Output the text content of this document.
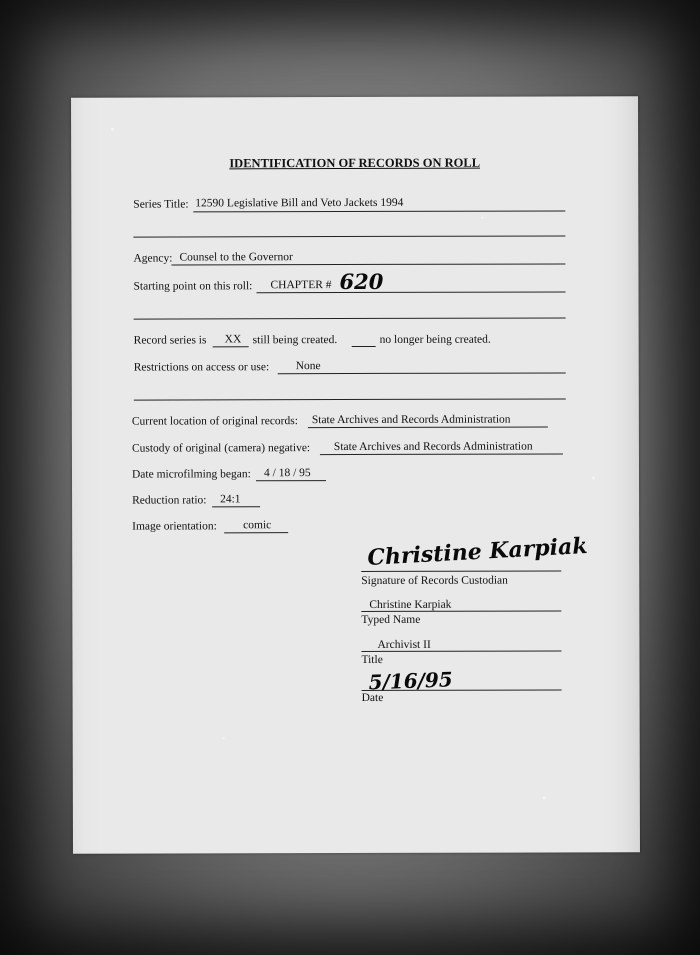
IDENTIFICATION OF RECORDS ON ROLL
Series Title: 12590 Legislative Bill and Veto Jackets 1994
Agency: Counsel to the Governor
Starting point on this roll: CHAPTER # 620
Record series is XX still being created.	no longer being created.
Restrictions on access or use: None
Current location of original records: State Archives and Records Administration
Custody of original (camera) negative: State Archives and Records Administration
Date microfilming began: 4 / 18 / 95
Reduction ratio: 24:1
Image orientation: comic
Christine Karpiak
Signature of Records Custodian
Christine Karpiak
Typed Name
Archivist II
Title
5/16/95
Date
